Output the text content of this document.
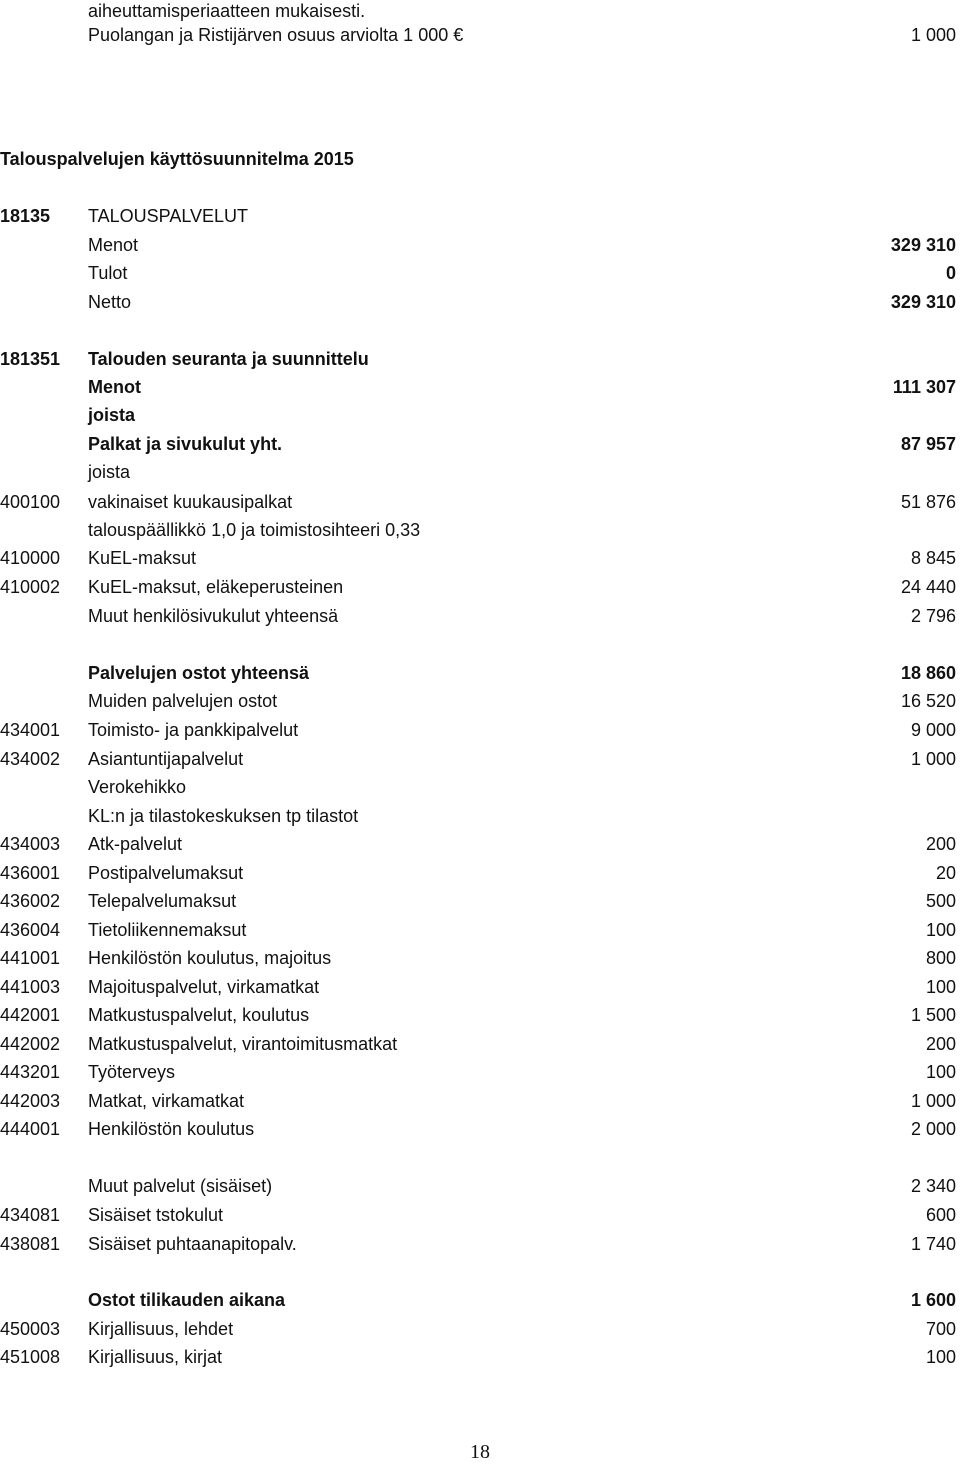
aiheuttamisperiaatteen mukaisesti.
Puolangan ja Ristijärven osuus arviolta 1 000 €	1 000
Talouspalvelujen käyttösuunnitelma 2015
18135 TALOUSPALVELUT
Menot	329 310
Tulot	0
Netto	329 310
181351 Talouden seuranta ja suunnittelu
Menot	111 307
joista
Palkat ja sivukulut yht.	87 957
joista
400100 vakinaiset kuukausipalkat	51 876
talouspäällikkö 1,0 ja toimistosihteeri 0,33
410000 KuEL-maksut	8 845
410002 KuEL-maksut, eläkeperusteinen	24 440
Muut henkilösivukulut yhteensä	2 796
Palvelujen ostot yhteensä	18 860
Muiden palvelujen ostot	16 520
434001 Toimisto- ja pankkipalvelut	9 000
434002 Asiantuntijapalvelut	1 000
Verokehikko
KL:n ja tilastokeskuksen tp tilastot
434003 Atk-palvelut	200
436001 Postipalvelumaksut	20
436002 Telepalvelumaksut	500
436004 Tietoliikennemaksut	100
441001 Henkilöstön koulutus, majoitus	800
441003 Majoituspalvelut, virkamatkat	100
442001 Matkustuspalvelut, koulutus	1 500
442002 Matkustuspalvelut, virantoimitusmatkat	200
443201 Työterveys	100
442003 Matkat, virkamatkat	1 000
444001 Henkilöstön koulutus	2 000
Muut palvelut (sisäiset)	2 340
434081 Sisäiset tstokulut	600
438081 Sisäiset puhtaanapitopalv.	1 740
Ostot tilikauden aikana	1 600
450003 Kirjallisuus, lehdet	700
451008 Kirjallisuus, kirjat	100
18
